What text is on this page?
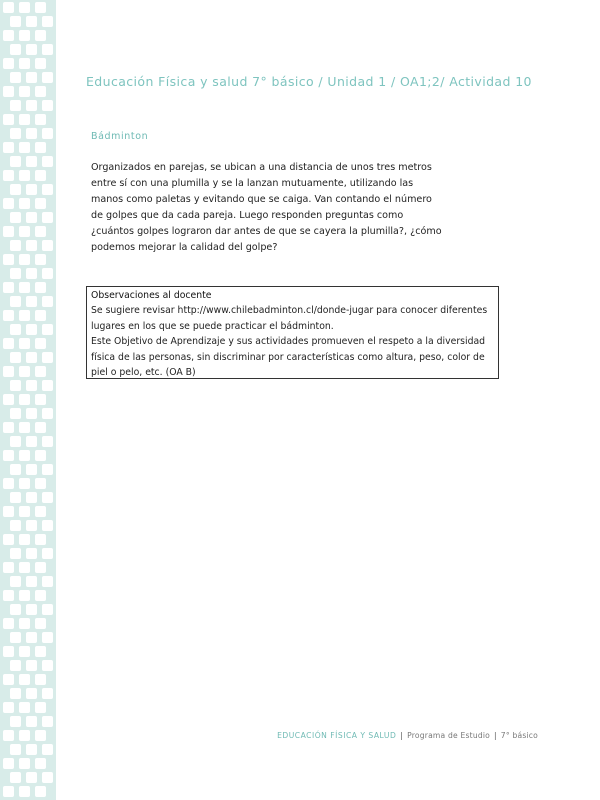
Educación Física y salud 7° básico / Unidad 1 / OA1;2/ Actividad 10
Bádminton
Organizados en parejas, se ubican a una distancia de unos tres metros entre sí con una plumilla y se la lanzan mutuamente, utilizando las manos como paletas y evitando que se caiga. Van contando el número de golpes que da cada pareja. Luego responden preguntas como ¿cuántos golpes lograron dar antes de que se cayera la plumilla?, ¿cómo podemos mejorar la calidad del golpe?
Observaciones al docente
Se sugiere revisar http://www.chilebadminton.cl/donde-jugar para conocer diferentes lugares en los que se puede practicar el bádminton.
Este Objetivo de Aprendizaje y sus actividades promueven el respeto a la diversidad física de las personas, sin discriminar por características como altura, peso, color de piel o pelo, etc. (OA B)
EDUCACIÓN FÍSICA Y SALUD | Programa de Estudio | 7° básico
